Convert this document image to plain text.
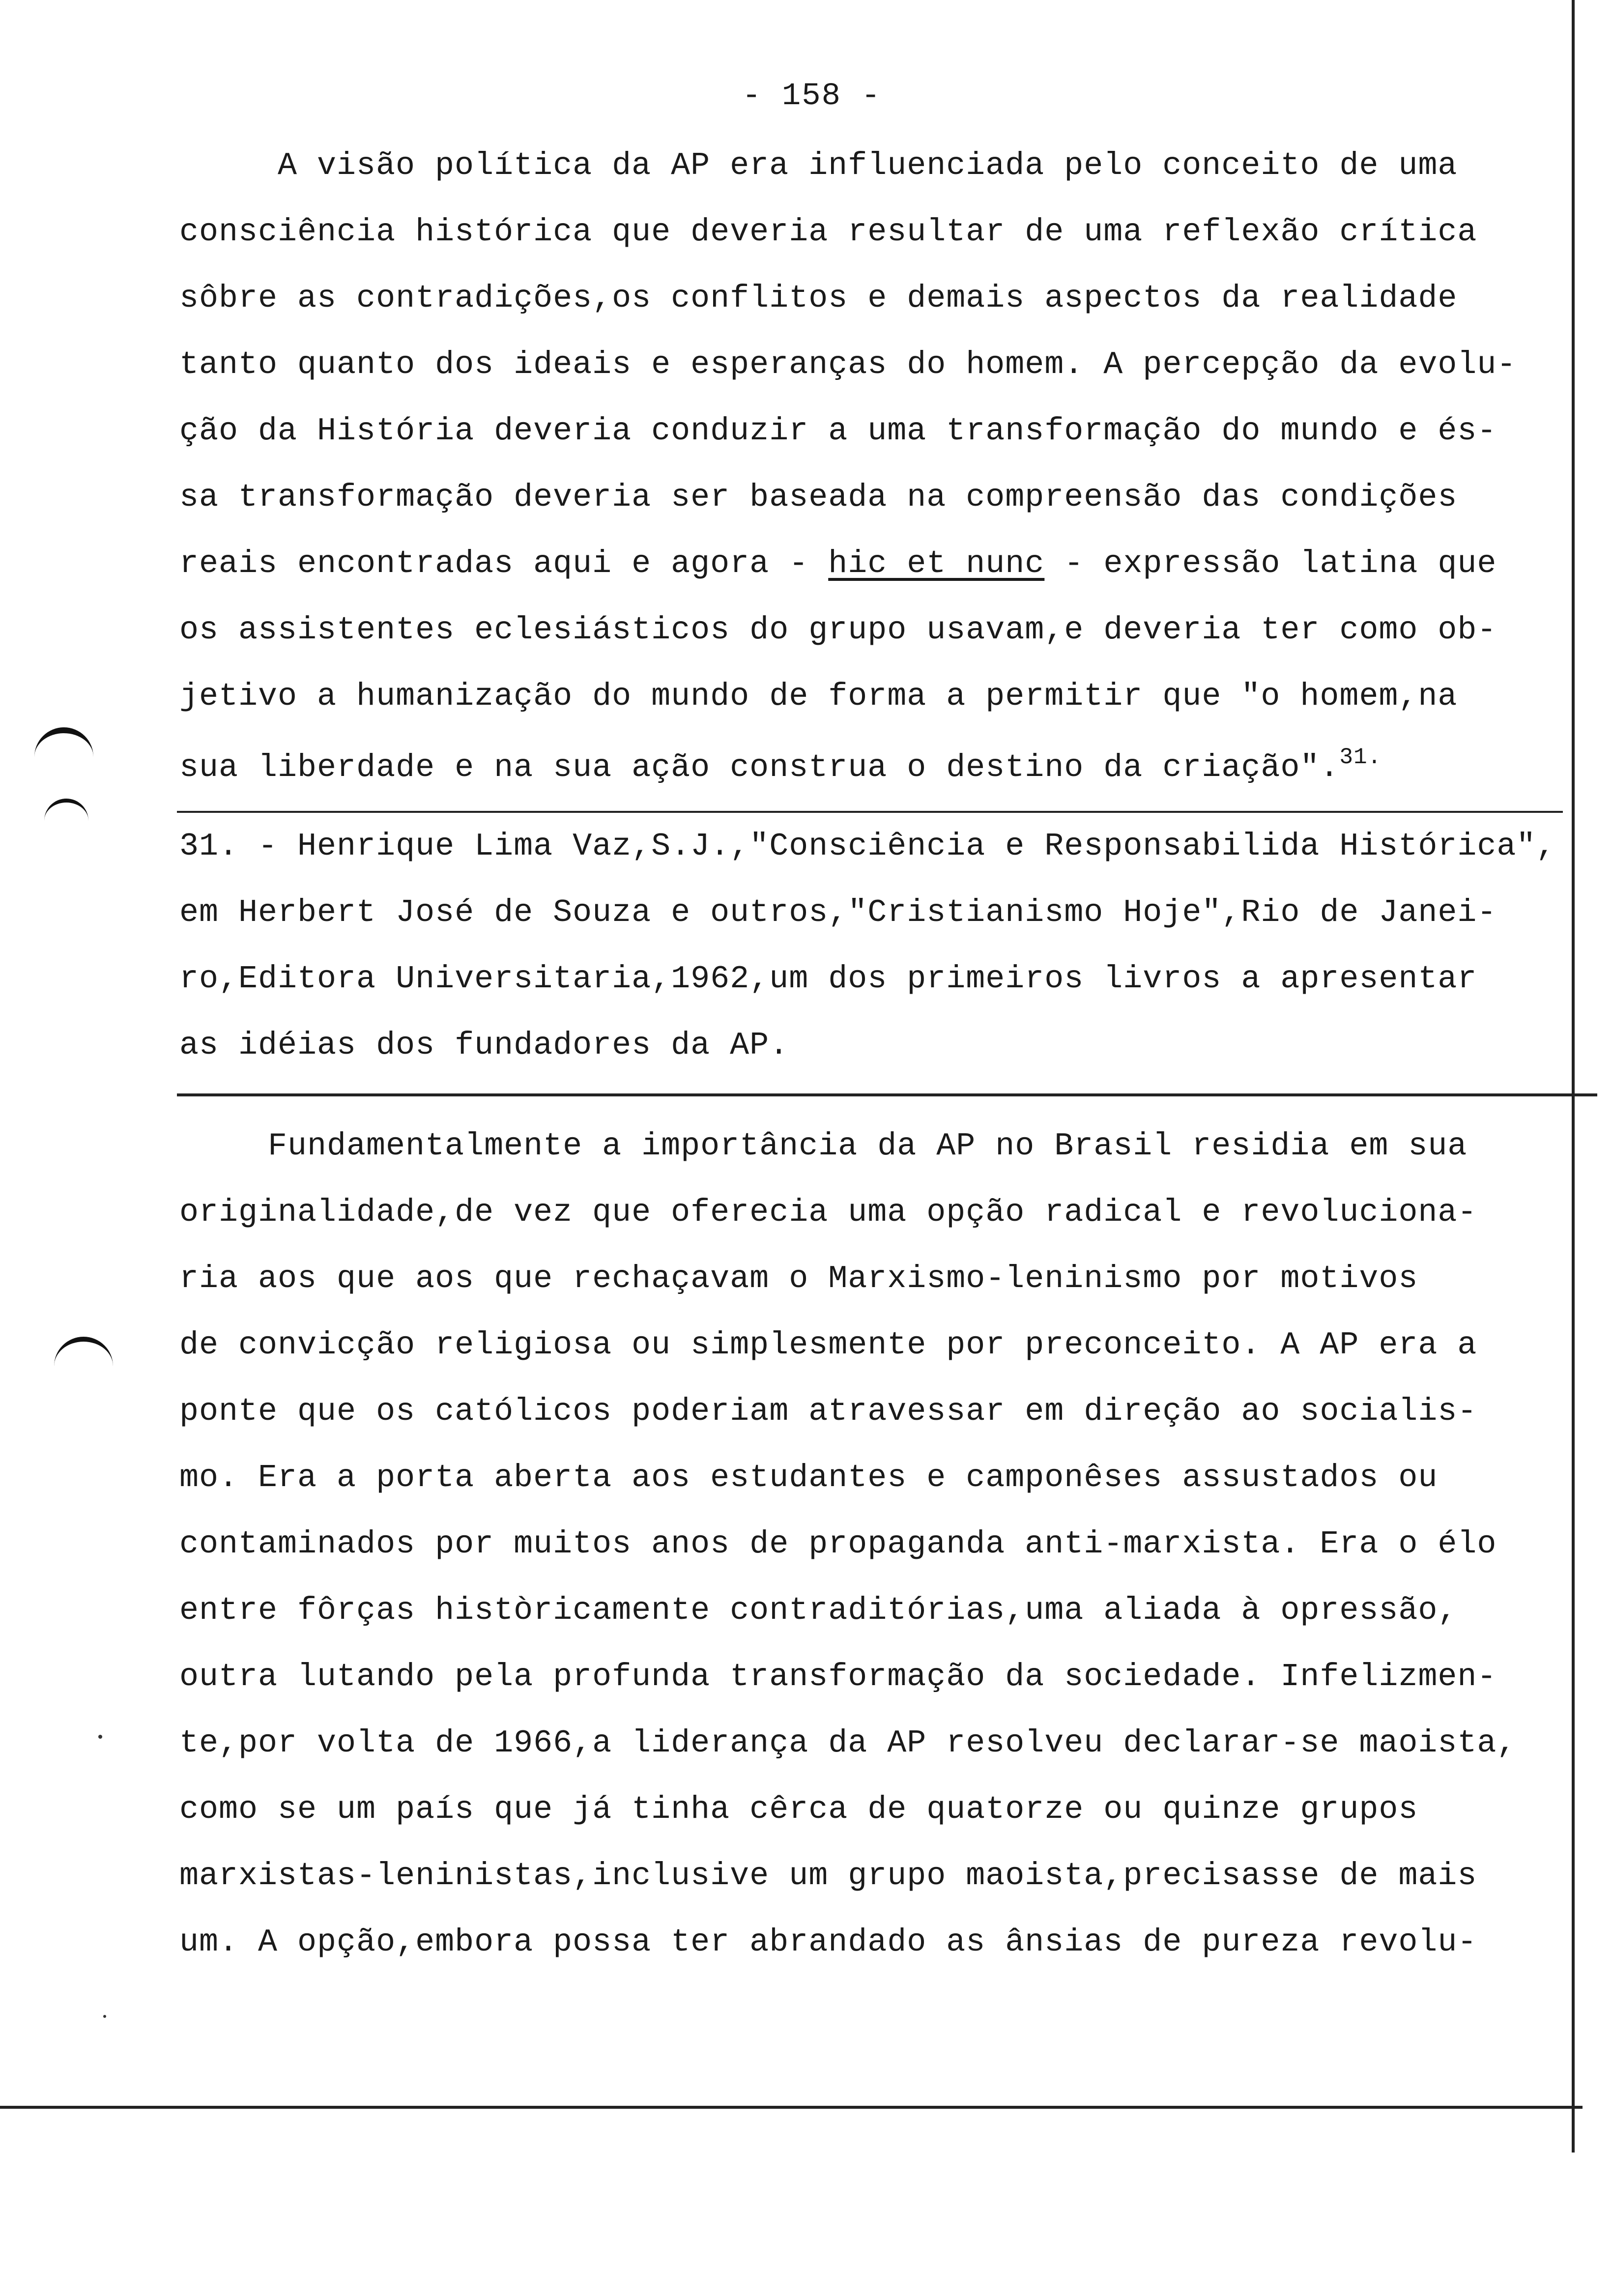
- 158 -
A visão política da AP era influenciada pelo conceito de uma
consciência histórica que deveria resultar de uma reflexão crítica
sôbre as contradições,os conflitos e demais aspectos da realidade
tanto quanto dos ideais e esperanças do homem. A percepção da evolu-
ção da História deveria conduzir a uma transformação do mundo e és-
sa transformação deveria ser baseada na compreensão das condições
reais encontradas aqui e agora - hic et nunc - expressão latina que
os assistentes eclesiásticos do grupo usavam,e deveria ter como ob-
jetivo a humanização do mundo de forma a permitir que "o homem,na
sua liberdade e na sua ação construa o destino da criação".$^{31.}$
31. - Henrique Lima Vaz,S.J.,"Consciência e Responsabilida Histórica",
em Herbert José de Souza e outros,"Cristianismo Hoje",Rio de Janei-
ro,Editora Universitaria,1962,um dos primeiros livros a apresentar
as idéias dos fundadores da AP.
Fundamentalmente a importância da AP no Brasil residia em sua
originalidade,de vez que oferecia uma opção radical e revoluciona-
ria aos que aos que rechaçavam o Marxismo-leninismo por motivos
de convicção religiosa ou simplesmente por preconceito. A AP era a
ponte que os católicos poderiam atravessar em direção ao socialis-
mo. Era a porta aberta aos estudantes e camponêses assustados ou
contaminados por muitos anos de propaganda anti-marxista. Era o élo
entre fôrças històricamente contraditórias,uma aliada à opressão,
outra lutando pela profunda transformação da sociedade. Infelizmen-
te,por volta de 1966,a liderança da AP resolveu declarar-se maoista,
como se um país que já tinha cêrca de quatorze ou quinze grupos
marxistas-leninistas,inclusive um grupo maoista,precisasse de mais
um. A opção,embora possa ter abrandado as ânsias de pureza revolu-
